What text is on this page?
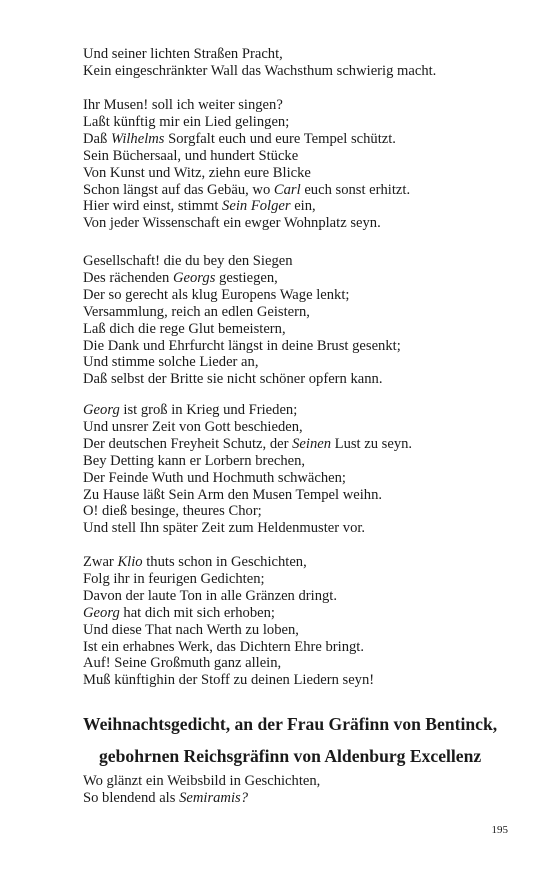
Und seiner lichten Straßen Pracht,
Kein eingeschränkter Wall das Wachsthum schwierig macht.
Ihr Musen! soll ich weiter singen?
Laßt künftig mir ein Lied gelingen;
Daß Wilhelms Sorgfalt euch und eure Tempel schützt.
Sein Büchersaal, und hundert Stücke
Von Kunst und Witz, ziehn eure Blicke
Schon längst auf das Gebäu, wo Carl euch sonst erhitzt.
Hier wird einst, stimmt Sein Folger ein,
Von jeder Wissenschaft ein ewger Wohnplatz seyn.
Gesellschaft! die du bey den Siegen
Des rächenden Georgs gestiegen,
Der so gerecht als klug Europens Wage lenkt;
Versammlung, reich an edlen Geistern,
Laß dich die rege Glut bemeistern,
Die Dank und Ehrfurcht längst in deine Brust gesenkt;
Und stimme solche Lieder an,
Daß selbst der Britte sie nicht schöner opfern kann.
Georg ist groß in Krieg und Frieden;
Und unsrer Zeit von Gott beschieden,
Der deutschen Freyheit Schutz, der Seinen Lust zu seyn.
Bey Detting kann er Lorbern brechen,
Der Feinde Wuth und Hochmuth schwächen;
Zu Hause läßt Sein Arm den Musen Tempel weihn.
O! dieß besinge, theures Chor;
Und stell Ihn später Zeit zum Heldenmuster vor.
Zwar Klio thuts schon in Geschichten,
Folg ihr in feurigen Gedichten;
Davon der laute Ton in alle Gränzen dringt.
Georg hat dich mit sich erhoben;
Und diese That nach Werth zu loben,
Ist ein erhabnes Werk, das Dichtern Ehre bringt.
Auf! Seine Großmuth ganz allein,
Muß künftighin der Stoff zu deinen Liedern seyn!
Weihnachtsgedicht, an der Frau Gräfinn von Bentinck,
gebohrnen Reichsgräfinn von Aldenburg Excellenz
Wo glänzt ein Weibsbild in Geschichten,
So blendend als Semiramis?
195
